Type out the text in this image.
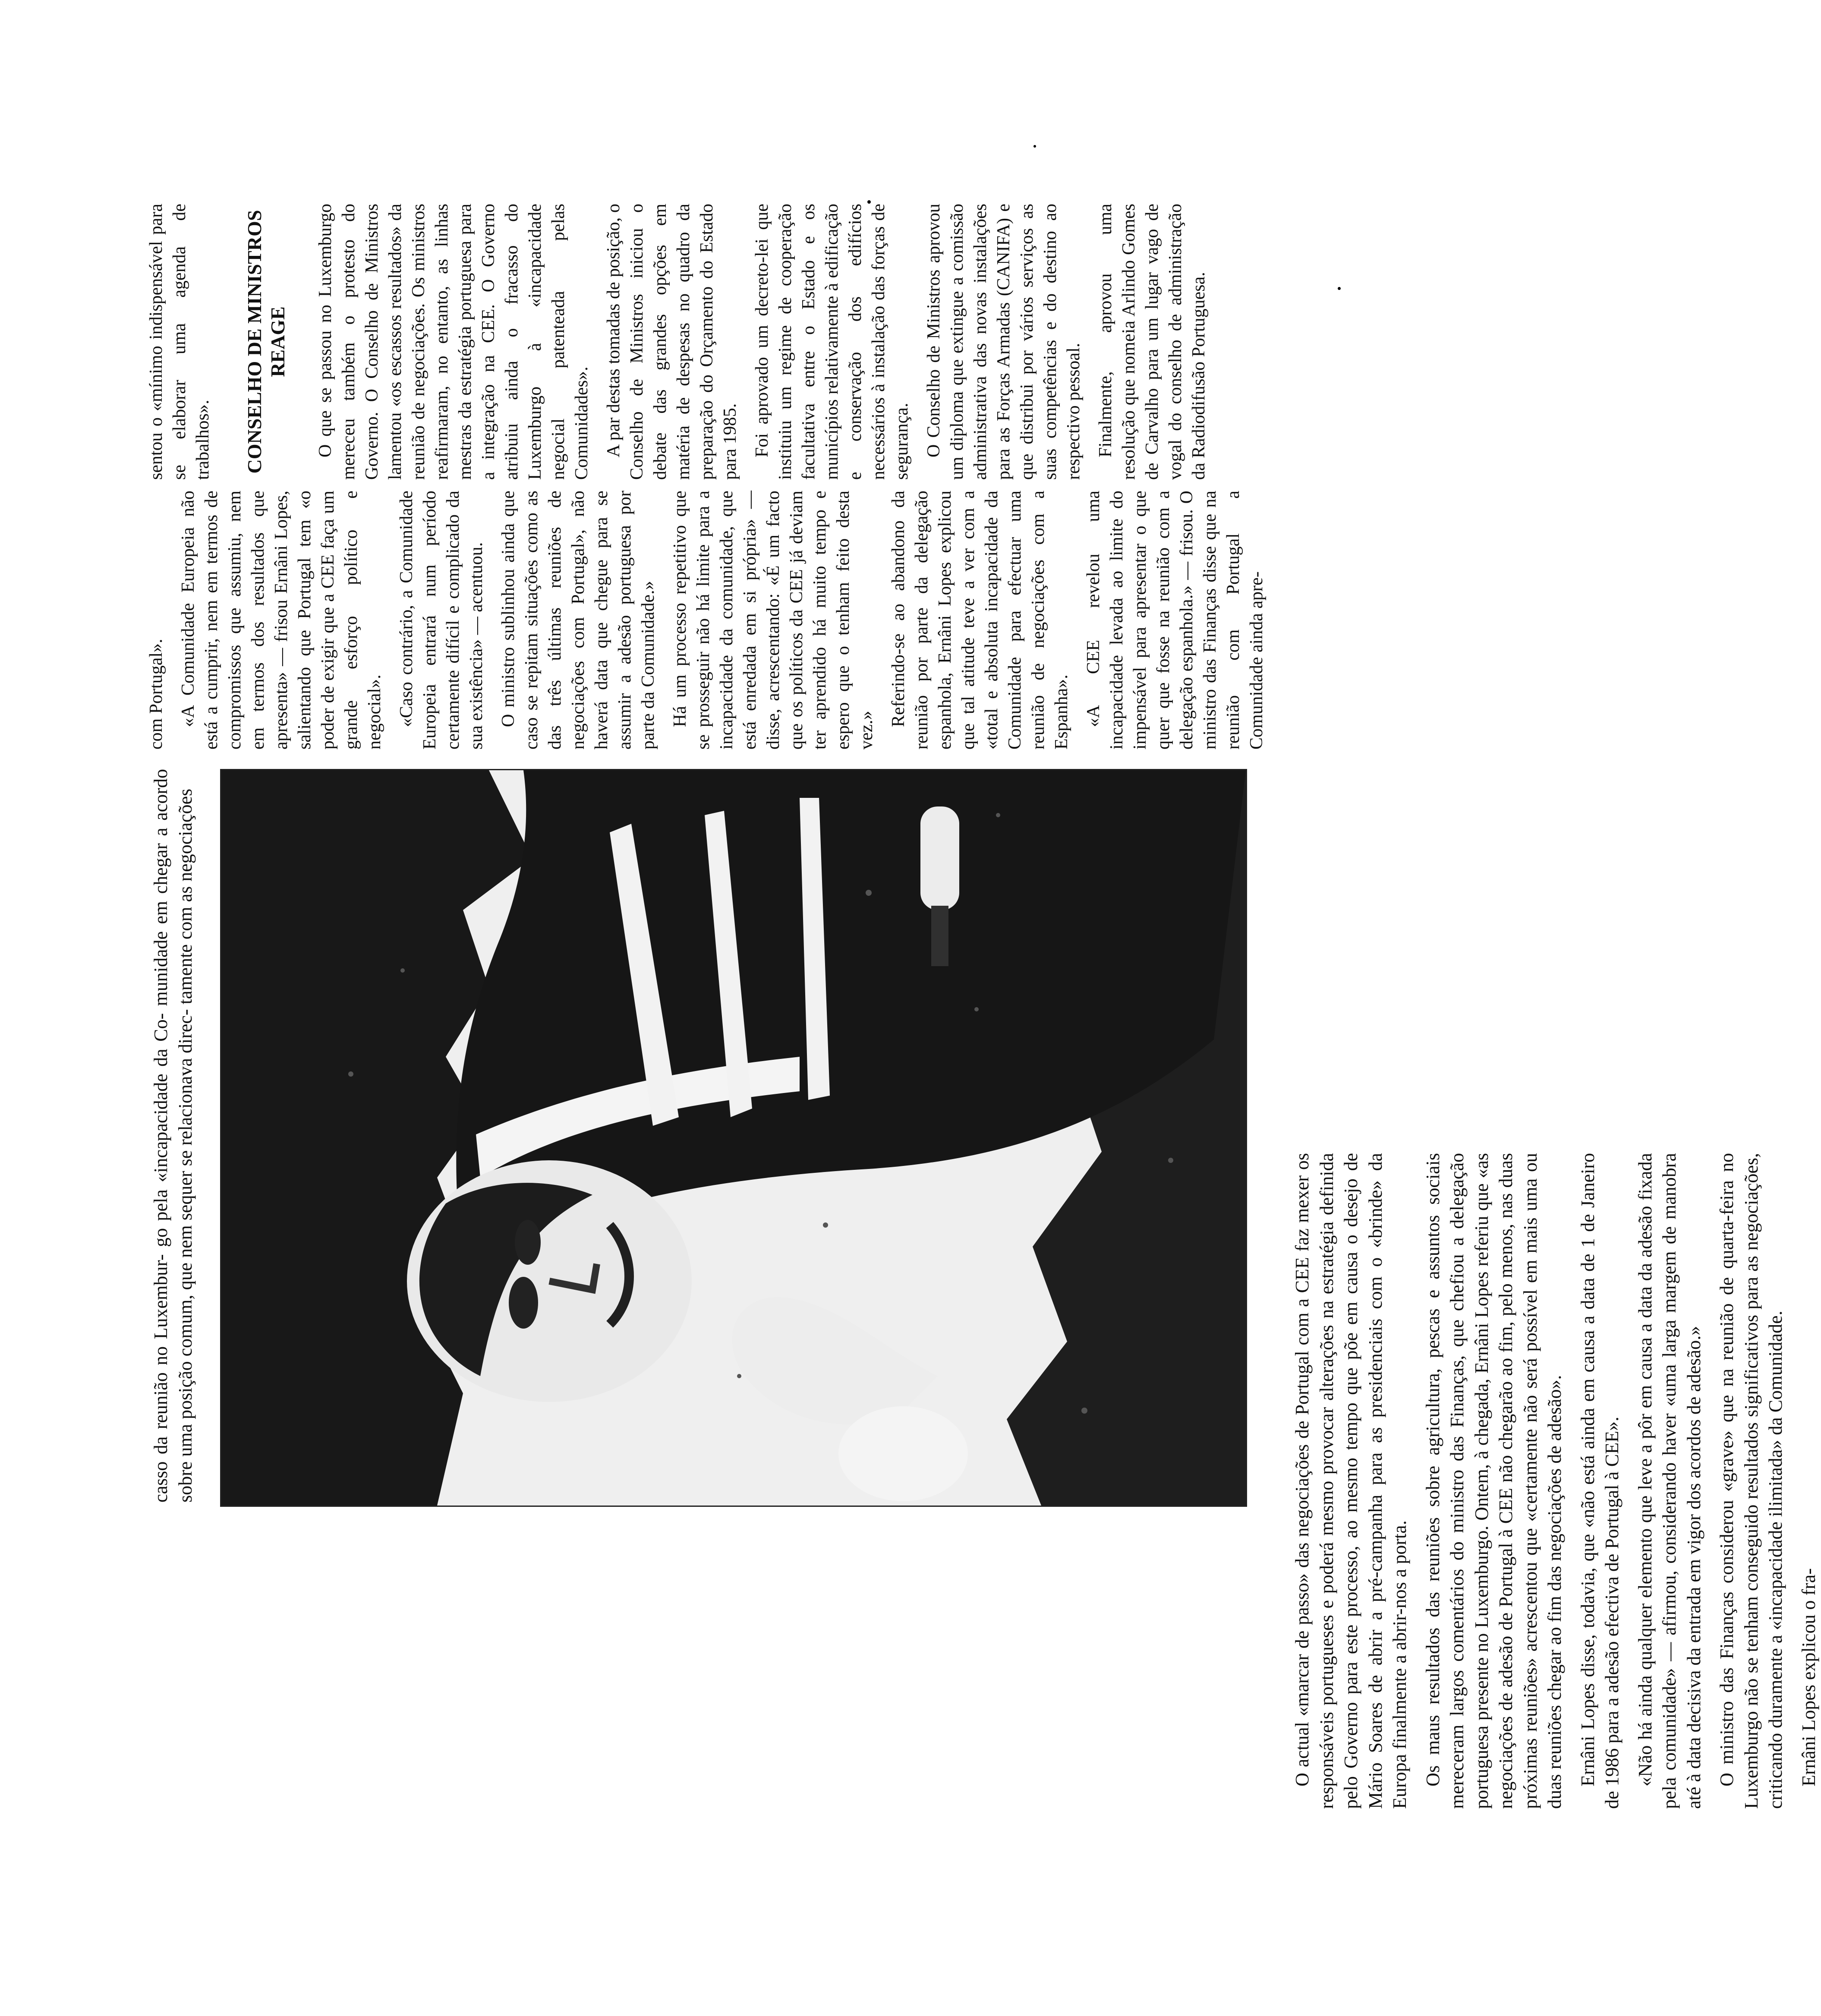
O actual «marcar de passo» das negociações de Portugal com a CEE faz mexer os responsáveis portugueses e poderá mesmo provocar alterações na estratégia definida pelo Governo para este processo, ao mesmo tempo que põe em causa o desejo de Mário Soares de abrir a pré-campanha para as presidenciais com o «brinde» da Europa finalmente a abrir-nos a porta. Os maus resultados das reuniões sobre agricultura, pescas e assuntos sociais mereceram largos comentários do ministro das Finanças, que chefiou a delegação portuguesa presente no Luxemburgo. Ontem, à chegada, Ernâni Lopes referiu que «as negociações de adesão de Portugal à CEE não chegarão ao fim, pelo menos, nas duas próximas reuniões» acrescentou que «certamente não será possível em mais uma ou duas reuniões chegar ao fim das negociações de adesão». Ernâni Lopes disse, todavia, que «não está ainda em causa a data de 1 de Janeiro de 1986 para a adesão efectiva de Portugal à CEE». «Não há ainda qualquer elemento que leve a pôr em causa a data da adesão fixada pela comunidade» — afirmou, considerando haver «uma larga margem de manobra até à data decisiva da entrada em vigor dos acordos de adesão.» O ministro das Finanças considerou «grave» que na reunião de quarta-feira no Luxemburgo não se tenham conseguido resultados significativos para as negociações, criticando duramente a «incapacidade ilimitada» da Comunidade. Ernâni Lopes explicou o fra-

casso da reunião no Luxembur- go pela «incapacidade da Co- munidade em chegar a acordo sobre uma posição comum, que nem sequer se relacionava direc- tamente com as negociações

com Portugal». «A Comunidade Europeia não está a cumprir, nem em termos de compromissos que assumiu, nem em termos dos resultados que apresenta» — frisou Ernâni Lopes, salientando que Portugal tem «o poder de exigir que a CEE faça um grande esforço político e negocial». «Caso contrário, a Comunidade Europeia entrará num período certamente difícil e complicado da sua existência» — acentuou. O ministro sublinhou ainda que caso se repitam situações como as das três últimas reuniões de negociações com Portugal», não haverá data que chegue para se assumir a adesão portuguesa por parte da Comunidade.» Há um processo repetitivo que se prosseguir não há limite para a incapacidade da comunidade, que está enredada em si própria» — disse, acrescentando: «É um facto que os políticos da CEE já deviam ter aprendido há muito tempo e espero que o tenham feito desta vez.»

Referindo-se ao abandono da reunião por parte da delegação espanhola, Ernâni Lopes explicou que tal atitude teve a ver com a «total e absoluta incapacidade da Comunidade para efectuar uma reunião de negociações com a Espanha». «A CEE revelou uma incapacidade levada ao limite do impensável para apresentar o que quer que fosse na reunião com a delegação espanhola.» — frisou. O ministro das Finanças disse que na reunião com Portugal a Comunidade ainda apre-

sentou o «mínimo indispensável para se elaborar uma agenda de trabalhos». CONSELHO DE MINISTROS REAGE O que se passou no Luxemburgo mereceu também o protesto do Governo. O Conselho de Ministros lamentou «os escassos resultados» da reunião de negociações. Os ministros reafirmaram, no entanto, as linhas mestras da estratégia portuguesa para a integração na CEE. O Governo atribuiu ainda o fracasso do Luxemburgo à «incapacidade negocial patenteada pelas Comunidades». A par destas tomadas de posição, o Conselho de Ministros iniciou o debate das grandes opções em matéria de despesas no quadro da preparação do Orçamento do Estado para 1985. Foi aprovado um decreto-lei que instituiu um regime de cooperação facultativa entre o Estado e os municípios relativamente à edificação e conservação dos edifícios necessários à instalação das forças de segurança. O Conselho de Ministros aprovou um diploma que extingue a comissão administrativa das novas instalações para as Forças Armadas (CANIFA) e que distribui por vários serviços as suas competências e do destino ao respectivo pessoal. Finalmente, aprovou uma resolução que nomeia Arlindo Gomes de Carvalho para um lugar vago de vogal do conselho de administração da Radiodifusão Portuguesa.
